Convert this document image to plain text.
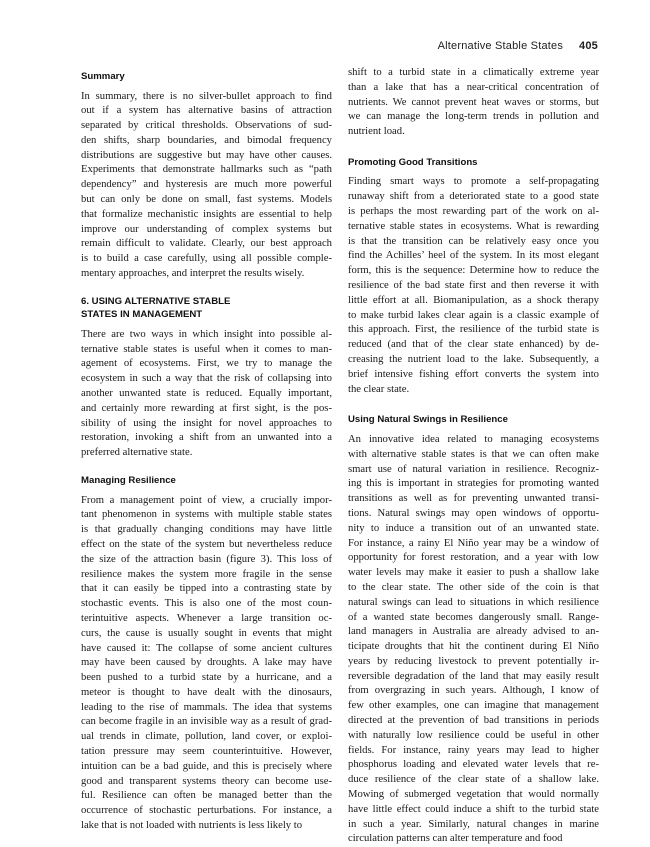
Alternative Stable States 405
Summary
In summary, there is no silver-bullet approach to find
out if a system has alternative basins of attraction
separated by critical thresholds. Observations of sud-
den shifts, sharp boundaries, and bimodal frequency
distributions are suggestive but may have other causes.
Experiments that demonstrate hallmarks such as “path
dependency” and hysteresis are much more powerful
but can only be done on small, fast systems. Models
that formalize mechanistic insights are essential to help
improve our understanding of complex systems but
remain difficult to validate. Clearly, our best approach
is to build a case carefully, using all possible comple-
mentary approaches, and interpret the results wisely.
6. USING ALTERNATIVE STABLE
STATES IN MANAGEMENT
There are two ways in which insight into possible al-
ternative stable states is useful when it comes to man-
agement of ecosystems. First, we try to manage the
ecosystem in such a way that the risk of collapsing into
another unwanted state is reduced. Equally important,
and certainly more rewarding at first sight, is the pos-
sibility of using the insight for novel approaches to
restoration, invoking a shift from an unwanted into a
preferred alternative state.
Managing Resilience
From a management point of view, a crucially impor-
tant phenomenon in systems with multiple stable states
is that gradually changing conditions may have little
effect on the state of the system but nevertheless reduce
the size of the attraction basin (figure 3). This loss of
resilience makes the system more fragile in the sense
that it can easily be tipped into a contrasting state by
stochastic events. This is also one of the most coun-
terintuitive aspects. Whenever a large transition oc-
curs, the cause is usually sought in events that might
have caused it: The collapse of some ancient cultures
may have been caused by droughts. A lake may have
been pushed to a turbid state by a hurricane, and a
meteor is thought to have dealt with the dinosaurs,
leading to the rise of mammals. The idea that systems
can become fragile in an invisible way as a result of grad-
ual trends in climate, pollution, land cover, or exploi-
tation pressure may seem counterintuitive. However,
intuition can be a bad guide, and this is precisely where
good and transparent systems theory can become use-
ful. Resilience can often be managed better than the
occurrence of stochastic perturbations. For instance, a
lake that is not loaded with nutrients is less likely to
shift to a turbid state in a climatically extreme year
than a lake that has a near-critical concentration of
nutrients. We cannot prevent heat waves or storms, but
we can manage the long-term trends in pollution and
nutrient load.
Promoting Good Transitions
Finding smart ways to promote a self-propagating
runaway shift from a deteriorated state to a good state
is perhaps the most rewarding part of the work on al-
ternative stable states in ecosystems. What is rewarding
is that the transition can be relatively easy once you
find the Achilles’ heel of the system. In its most elegant
form, this is the sequence: Determine how to reduce the
resilience of the bad state first and then reverse it with
little effort at all. Biomanipulation, as a shock therapy
to make turbid lakes clear again is a classic example of
this approach. First, the resilience of the turbid state is
reduced (and that of the clear state enhanced) by de-
creasing the nutrient load to the lake. Subsequently, a
brief intensive fishing effort converts the system into
the clear state.
Using Natural Swings in Resilience
An innovative idea related to managing ecosystems
with alternative stable states is that we can often make
smart use of natural variation in resilience. Recogniz-
ing this is important in strategies for promoting wanted
transitions as well as for preventing unwanted transi-
tions. Natural swings may open windows of opportu-
nity to induce a transition out of an unwanted state.
For instance, a rainy El Niño year may be a window of
opportunity for forest restoration, and a year with low
water levels may make it easier to push a shallow lake
to the clear state. The other side of the coin is that
natural swings can lead to situations in which resilience
of a wanted state becomes dangerously small. Range-
land managers in Australia are already advised to an-
ticipate droughts that hit the continent during El Niño
years by reducing livestock to prevent potentially ir-
reversible degradation of the land that may easily result
from overgrazing in such years. Although, I know of
few other examples, one can imagine that management
directed at the prevention of bad transitions in periods
with naturally low resilience could be useful in other
fields. For instance, rainy years may lead to higher
phosphorus loading and elevated water levels that re-
duce resilience of the clear state of a shallow lake.
Mowing of submerged vegetation that would normally
have little effect could induce a shift to the turbid state
in such a year. Similarly, natural changes in marine
circulation patterns can alter temperature and food
